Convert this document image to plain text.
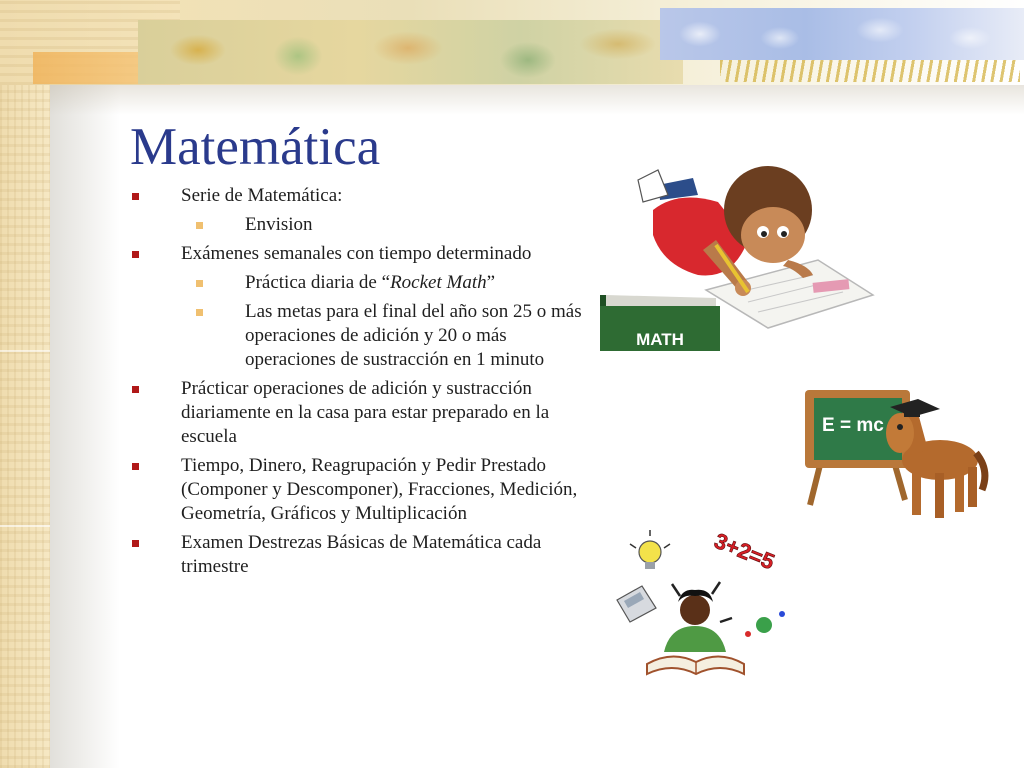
Matemática
Serie de Matemática:
Envision
Exámenes semanales con tiempo determinado
Práctica diaria de “Rocket Math”
Las metas para el final del año son 25 o más operaciones de adición y 20 o más operaciones de sustracción en 1 minuto
Prácticar operaciones de adición y sustracción diariamente en la casa para estar preparado en la escuela
Tiempo, Dinero, Reagrupación y Pedir Prestado (Componer y Descomponer), Fracciones, Medición, Geometría, Gráficos y Multiplicación
Examen Destrezas Básicas de Matemática cada trimestre
MATH
E = mc
3+2=5
